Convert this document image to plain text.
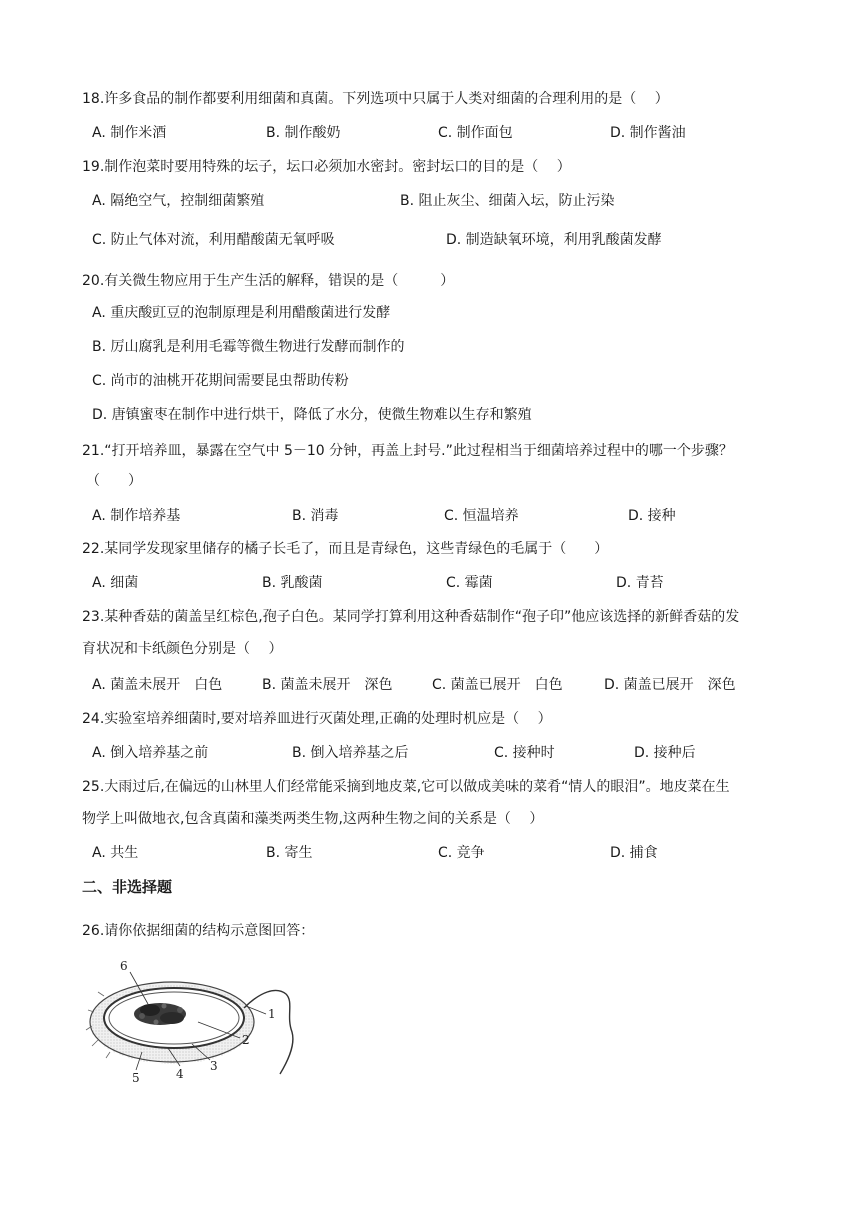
18.许多食品的制作都要利用细菌和真菌。下列选项中只属于人类对细菌的合理利用的是（　 ）
A. 制作米酒	B. 制作酸奶	C. 制作面包	D. 制作酱油
19.制作泡菜时要用特殊的坛子，坛口必须加水密封。密封坛口的目的是（　 ）
A. 隔绝空气，控制细菌繁殖	B. 阻止灰尘、细菌入坛，防止污染
C. 防止气体对流，利用醋酸菌无氧呼吸	D. 制造缺氧环境，利用乳酸菌发酵
20.有关微生物应用于生产生活的解释，错误的是（　　　）
A. 重庆酸豇豆的泡制原理是利用醋酸菌进行发酵
B. 厉山腐乳是利用毛霉等微生物进行发酵而制作的
C. 尚市的油桃开花期间需要昆虫帮助传粉
D. 唐镇蜜枣在制作中进行烘干，降低了水分，使微生物难以生存和繁殖
21.“打开培养皿，暴露在空气中 5－10 分钟，再盖上封号.”此过程相当于细菌培养过程中的哪一个步骤？
（　　）
A. 制作培养基	B. 消毒	C. 恒温培养	D. 接种
22.某同学发现家里储存的橘子长毛了，而且是青绿色，这些青绿色的毛属于（　　）
A. 细菌	B. 乳酸菌	C. 霉菌	D. 青苔
23.某种香菇的菌盖呈红棕色,孢子白色。某同学打算利用这种香菇制作“孢子印”他应该选择的新鲜香菇的发
育状况和卡纸颜色分别是（　 ）
A. 菌盖未展开　白色	B. 菌盖未展开　深色	C. 菌盖已展开　白色	D. 菌盖已展开　深色
24.实验室培养细菌时,要对培养皿进行灭菌处理,正确的处理时机应是（　 ）
A. 倒入培养基之前	B. 倒入培养基之后	C. 接种时	D. 接种后
25.大雨过后,在偏远的山林里人们经常能采摘到地皮菜,它可以做成美味的菜肴“情人的眼泪”。地皮菜在生
物学上叫做地衣,包含真菌和藻类两类生物,这两种生物之间的关系是（　 ）
A. 共生	B. 寄生	C. 竞争	D. 捕食
二、非选择题
26.请你依据细菌的结构示意图回答：
6
1
2
3
4
5
